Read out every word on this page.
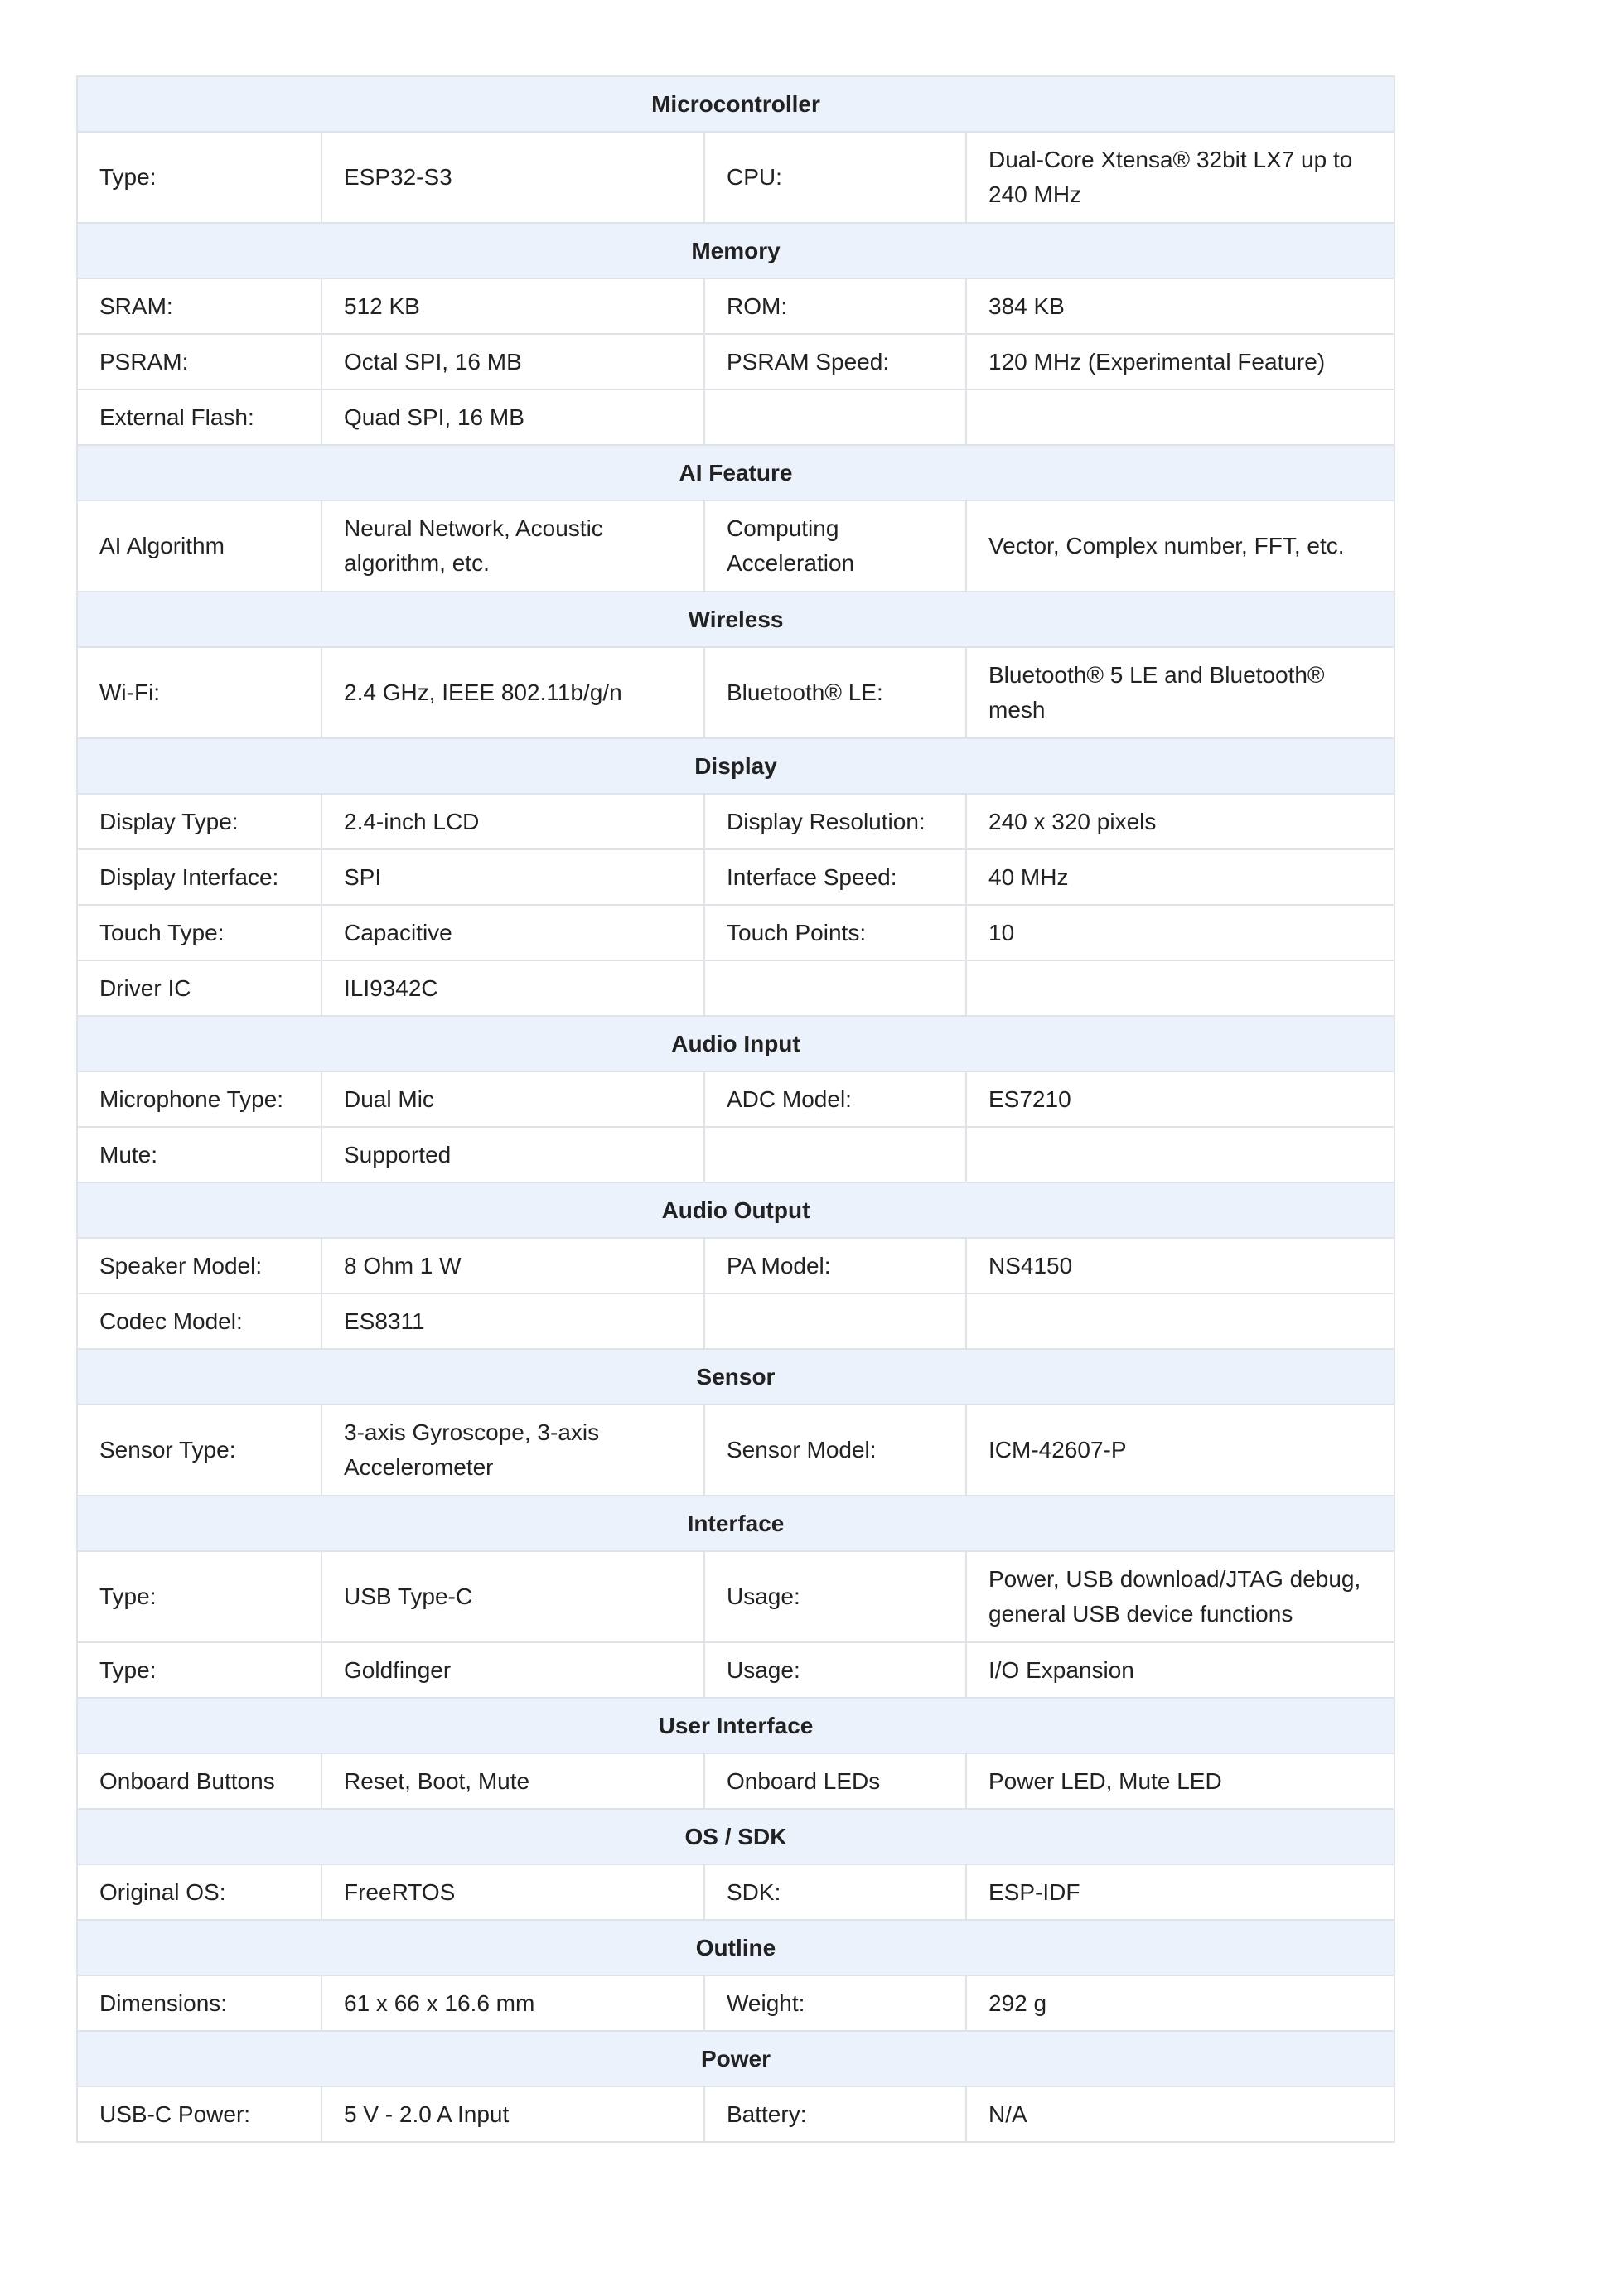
Microcontroller			
Type:	ESP32-S3	CPU:	Dual-Core Xtensa® 32bit LX7 up to 240 MHz
Memory			
SRAM:	512 KB	ROM:	384 KB
PSRAM:	Octal SPI, 16 MB	PSRAM Speed:	120 MHz (Experimental Feature)
External Flash:	Quad SPI, 16 MB		
AI Feature			
AI Algorithm	Neural Network, Acoustic algorithm, etc.	Computing Acceleration	Vector, Complex number, FFT, etc.
Wireless			
Wi-Fi:	2.4 GHz, IEEE 802.11b/g/n	Bluetooth® LE:	Bluetooth® 5 LE and Bluetooth® mesh
Display			
Display Type:	2.4-inch LCD	Display Resolution:	240 x 320 pixels
Display Interface:	SPI	Interface Speed:	40 MHz
Touch Type:	Capacitive	Touch Points:	10
Driver IC	ILI9342C		
Audio Input			
Microphone Type:	Dual Mic	ADC Model:	ES7210
Mute:	Supported		
Audio Output			
Speaker Model:	8 Ohm 1 W	PA Model:	NS4150
Codec Model:	ES8311		
Sensor			
Sensor Type:	3-axis Gyroscope, 3-axis Accelerometer	Sensor Model:	ICM-42607-P
Interface			
Type:	USB Type-C	Usage:	Power, USB download/JTAG debug, general USB device functions
Type:	Goldfinger	Usage:	I/O Expansion
User Interface			
Onboard Buttons	Reset, Boot, Mute	Onboard LEDs	Power LED, Mute LED
OS / SDK			
Original OS:	FreeRTOS	SDK:	ESP-IDF
Outline			
Dimensions:	61 x 66 x 16.6 mm	Weight:	292 g
Power			
USB-C Power:	5 V - 2.0 A Input	Battery:	N/A
